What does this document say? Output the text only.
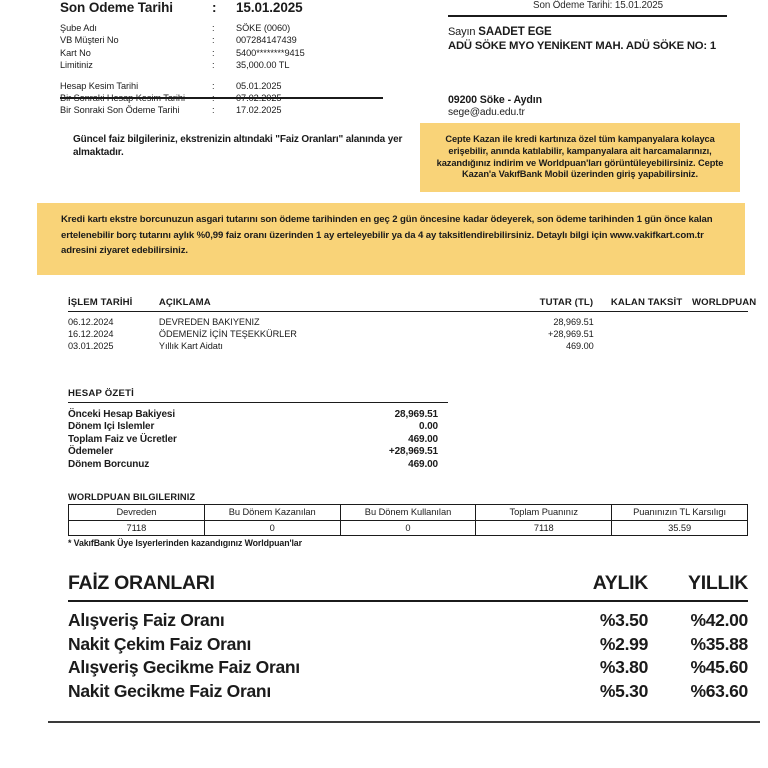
Son Odeme Tarihi	:	15.01.2025
Şube Adı	:	SÖKE (0060)
VB Müşteri No	:	007284147439
Kart No	:	5400********9415
Limitiniz	:	35,000.00 TL
Hesap Kesim Tarihi	:	05.01.2025
Bir Sonraki Hesap Kesim Tarihi	:	07.02.2025
Bir Sonraki Son Ödeme Tarihi	:	17.02.2025
Son Ödeme Tarihi: 15.01.2025
Sayın SAADET EGE
ADÜ SÖKE MYO YENİKENT MAH. ADÜ SÖKE NO: 1
09200 Söke - Aydın
sege@adu.edu.tr
Güncel faiz bilgileriniz, ekstrenizin altındaki "Faiz Oranları" alanında yer almaktadır.
Cepte Kazan ile kredi kartınıza özel tüm kampanyalara kolayca erişebilir, anında katılabilir, kampanyalara ait harcamalarınızı, kazandığınız indirim ve Worldpuan'ları görüntüleyebilirsiniz. Cepte Kazan'a VakıfBank Mobil üzerinden giriş yapabilirsiniz.
Kredi kartı ekstre borcunuzun asgari tutarını son ödeme tarihinden en geç 2 gün öncesine kadar ödeyerek, son ödeme tarihinden 1 gün önce kalan ertelenebilir borç tutarını aylık %0,99 faiz oranı üzerinden 1 ay erteleyebilir ya da 4 ay taksitlendirebilirsiniz. Detaylı bilgi için www.vakifkart.com.tr adresini ziyaret edebilirsiniz.
İŞLEM TARİHİ	AÇIKLAMA	TUTAR (TL)	KALAN TAKSİT	WORLDPUAN
06.12.2024	DEVREDEN BAKIYENIZ	28,969.51
16.12.2024	ÖDEMENİZ İÇİN TEŞEKKÜRLER	+28,969.51
03.01.2025	Yıllık Kart Aidatı	469.00
HESAP ÖZETİ
Önceki Hesap Bakiyesi	28,969.51
Dönem Içi Islemler	0.00
Toplam Faiz ve Ücretler	469.00
Ödemeler	+28,969.51
Dönem Borcunuz	469.00
WORLDPUAN BILGILERINIZ
Devreden	Bu Dönem Kazanılan	Bu Dönem Kullanılan	Toplam Puanınız	Puanınızın TL Karsılıgı
7118	0	0	7118	35.59
* VakıfBank Üye Isyerlerinden kazandıgınız Worldpuan'lar
FAİZ ORANLARI	AYLIK	YILLIK
Alışveriş Faiz Oranı	%3.50	%42.00
Nakit Çekim Faiz Oranı	%2.99	%35.88
Alışveriş Gecikme Faiz Oranı	%3.80	%45.60
Nakit Gecikme Faiz Oranı	%5.30	%63.60
